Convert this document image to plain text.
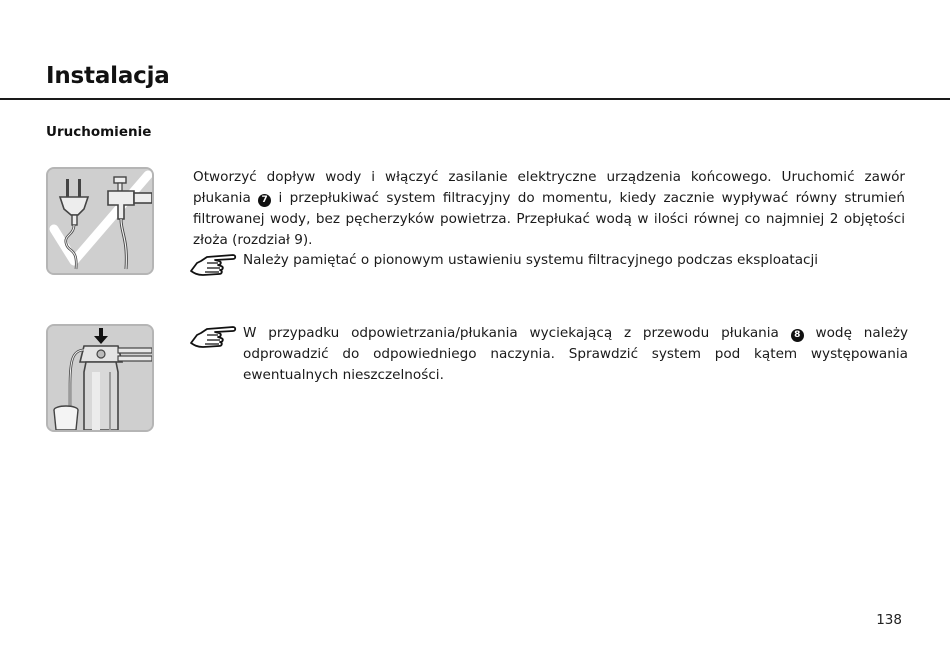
Instalacja
Uruchomienie

Otworzyć dopływ wody i włączyć zasilanie elektryczne urządzenia końcowego. Uruchomić zawór płukania 7 i przepłukiwać system filtracyjny do momentu, kiedy zacznie wypływać równy strumień filtrowanej wody, bez pęcherzyków powietrza. Przepłukać wodą w ilości równej co najmniej 2 objętości złoża (rozdział 9).

Należy pamiętać o pionowym ustawieniu systemu filtracyjnego podczas eksploatacji

W przypadku odpowietrzania/płukania wyciekającą z przewodu płukania 8 wodę należy odprowadzić do odpowiedniego naczynia. Sprawdzić system pod kątem występowania ewentualnych nieszczelności.

138
